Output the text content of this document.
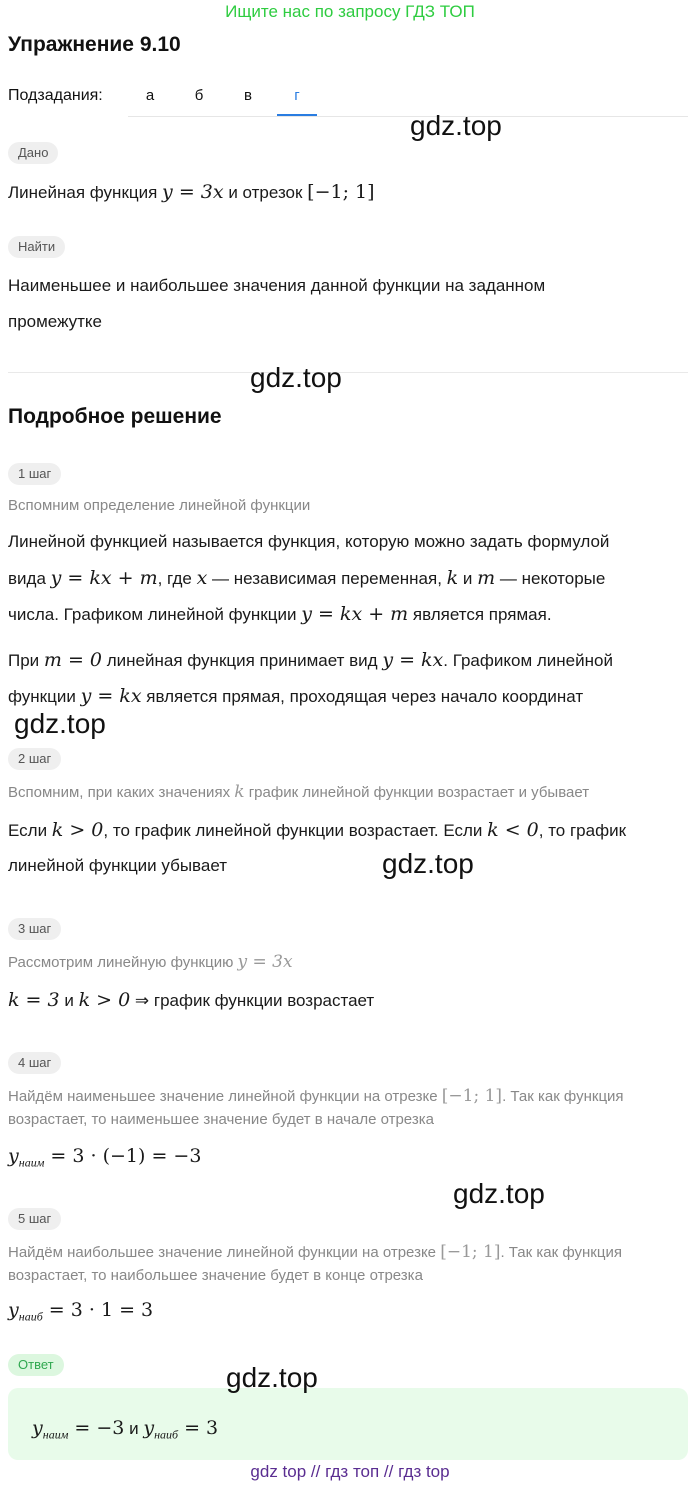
Ищите нас по запросу ГДЗ ТОП
Упражнение 9.10
Подзадания:	а	б	в	г
gdz.top
Дано
Линейная функция y = 3x и отрезок [−1; 1]
Найти
Наименьшее и наибольшее значения данной функции на заданном
промежутке
gdz.top
Подробное решение
1 шаг
Вспомним определение линейной функции
Линейной функцией называется функция, которую можно задать формулой
вида y = kx + m, где x — независимая переменная, k и m — некоторые
числа. Графиком линейной функции y = kx + m является прямая.
При m = 0 линейная функция принимает вид y = kx. Графиком линейной
функции y = kx является прямая, проходящая через начало координат
gdz.top
2 шаг
Вспомним, при каких значениях k график линейной функции возрастает и убывает
Если k > 0, то график линейной функции возрастает. Если k < 0, то график
линейной функции убывает	gdz.top
3 шаг
Рассмотрим линейную функцию y = 3x
k = 3 и k > 0 ⇒ график функции возрастает
4 шаг
Найдём наименьшее значение линейной функции на отрезке [−1; 1]. Так как функция
возрастает, то наименьшее значение будет в начале отрезка
$y_{наим} = 3 \cdot (-1) = -3$
gdz.top
5 шаг
Найдём наибольшее значение линейной функции на отрезке [−1; 1]. Так как функция
возрастает, то наибольшее значение будет в конце отрезка
$y_{наиб} = 3 \cdot 1 = 3$
Ответ
$y_{наим} = -3$ и $y_{наиб} = 3$
gdz.top
gdz top // гдз топ // гдз top
